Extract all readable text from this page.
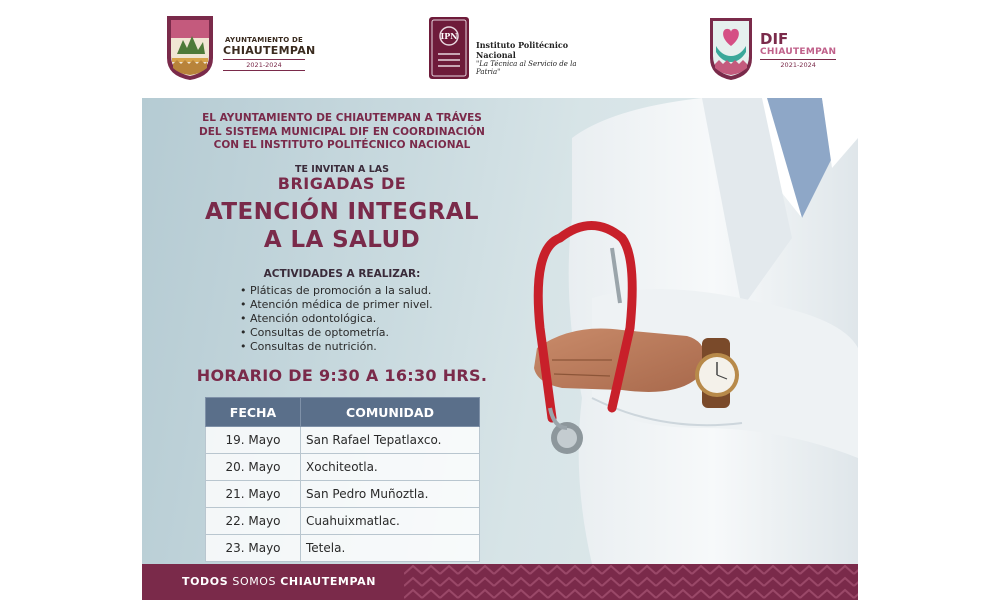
AYUNTAMIENTO DE
CHIAUTEMPAN
2021-2024
IPN
Instituto Politécnico Nacional
"La Técnica al Servicio de la Patria"
DIF
CHIAUTEMPAN
2021-2024
EL AYUNTAMIENTO DE CHIAUTEMPAN A TRÁVES
DEL SISTEMA MUNICIPAL DIF EN COORDINACIÓN
CON EL INSTITUTO POLITÉCNICO NACIONAL
TE INVITAN A LAS
BRIGADAS DE
ATENCIÓN INTEGRAL
A LA SALUD
ACTIVIDADES A REALIZAR:
• Pláticas de promoción a la salud.
• Atención médica de primer nivel.
• Atención odontológica.
• Consultas de optometría.
• Consultas de nutrición.
HORARIO DE 9:30 A 16:30 HRS.
FECHA	COMUNIDAD
19. Mayo	San Rafael Tepatlaxco.
20. Mayo	Xochiteotla.
21. Mayo	San Pedro Muñoztla.
22. Mayo	Cuahuixmatlac.
23. Mayo	Tetela.
TODOS SOMOS CHIAUTEMPAN
